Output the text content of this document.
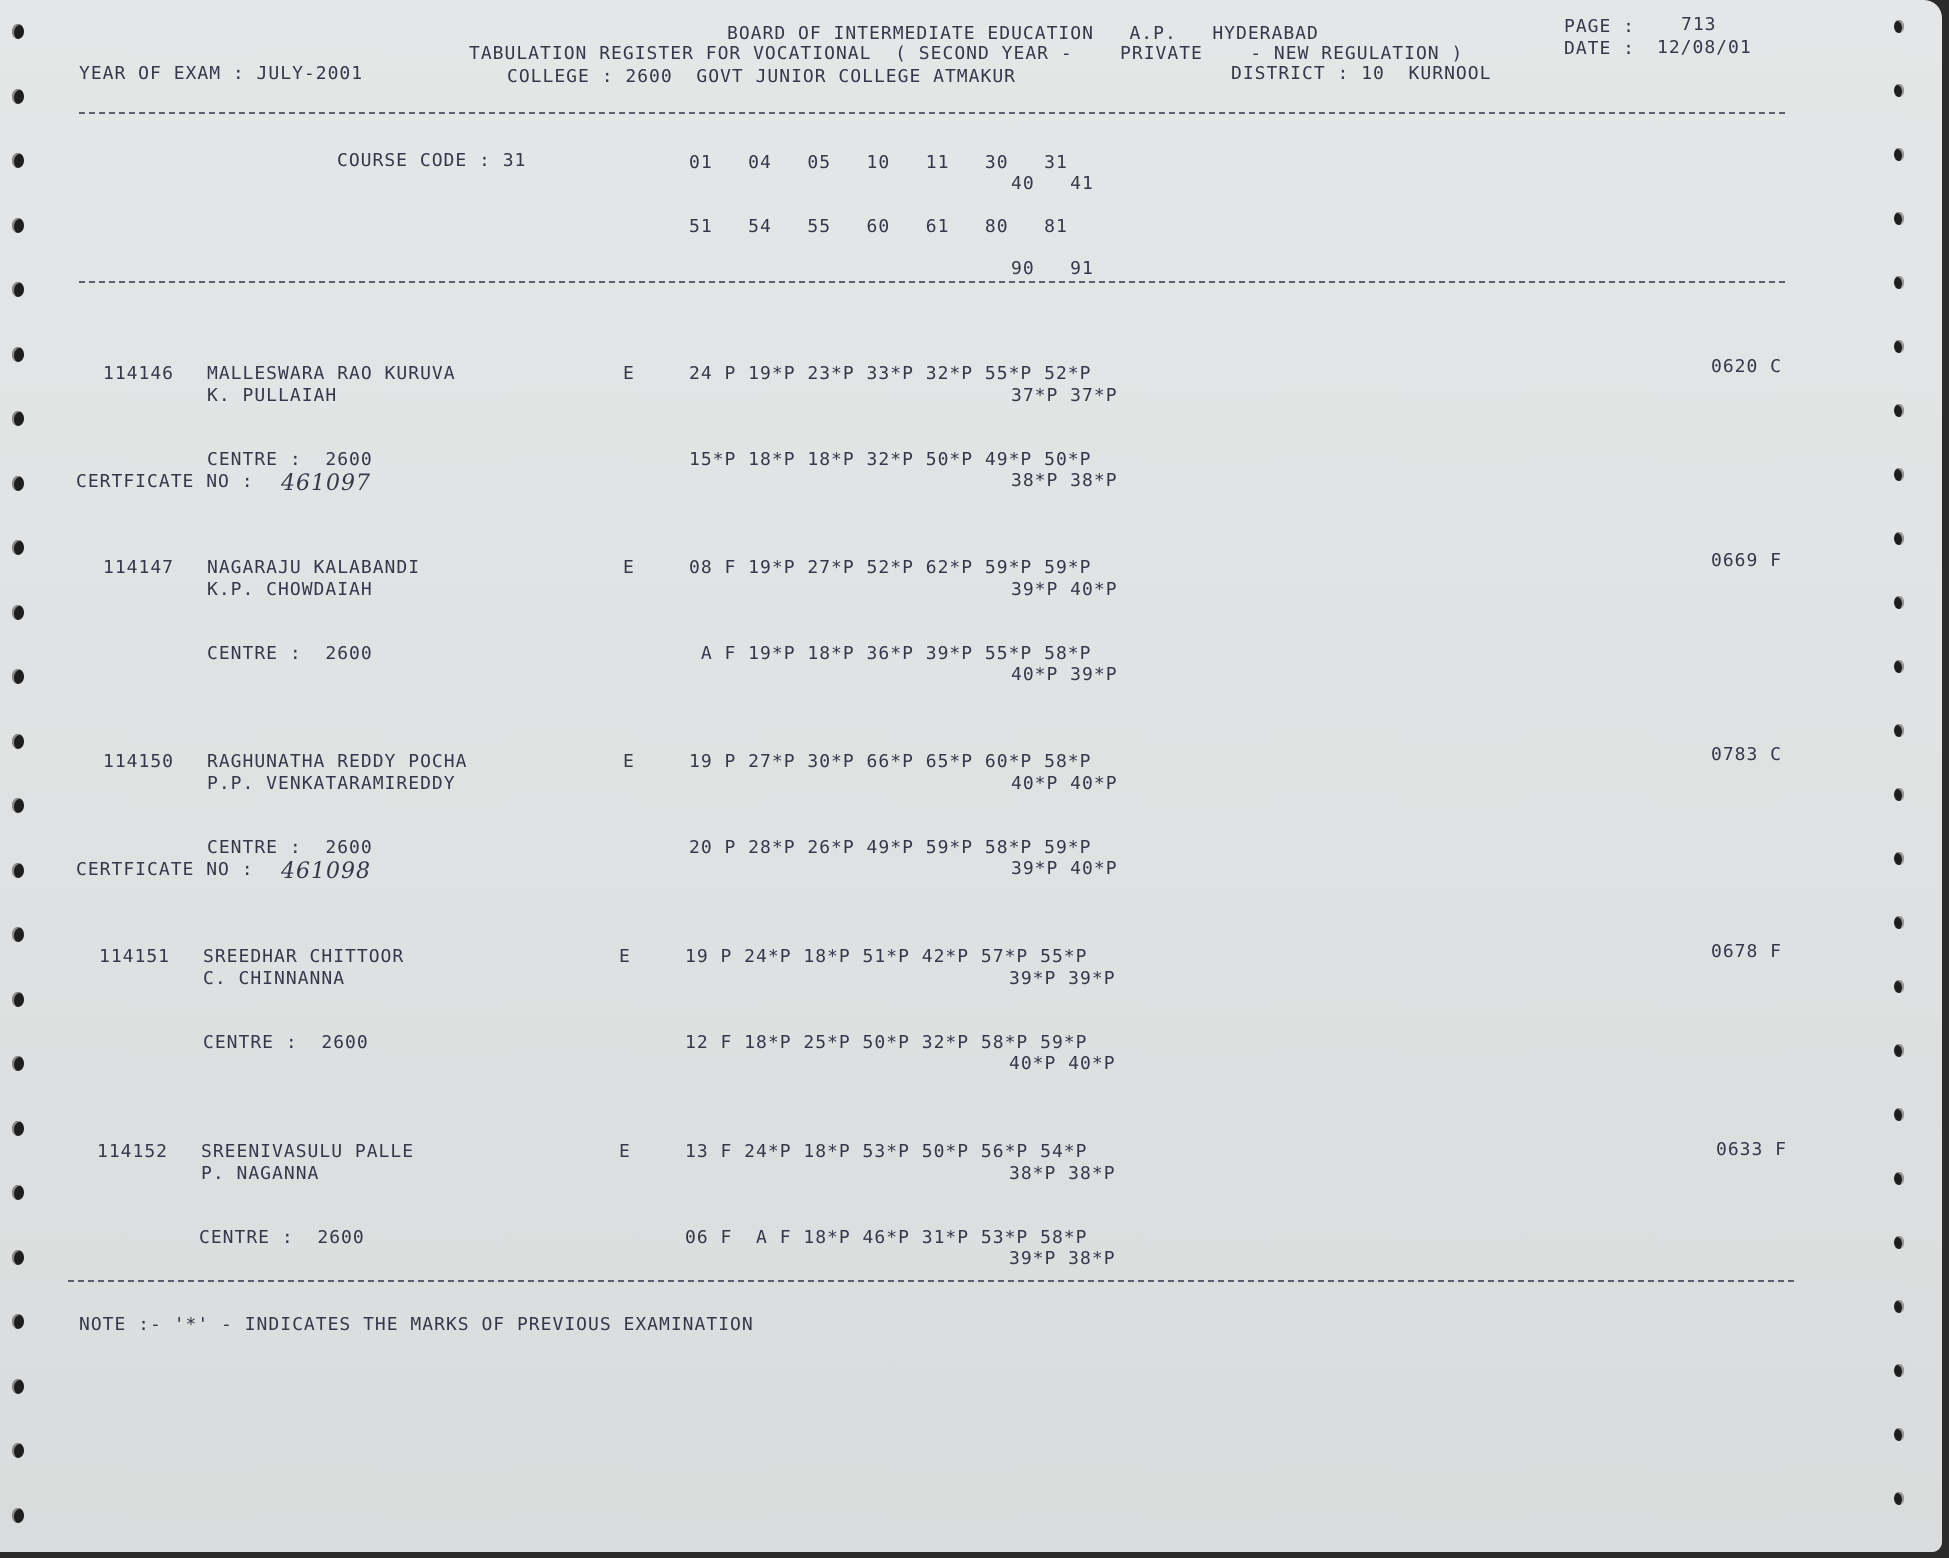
BOARD OF INTERMEDIATE EDUCATION   A.P.   HYDERABAD	PAGE :	713
TABULATION REGISTER FOR VOCATIONAL  ( SECOND YEAR -    PRIVATE    - NEW REGULATION )	DATE : 12/08/01
YEAR OF EXAM : JULY-2001	COLLEGE : 2600  GOVT JUNIOR COLLEGE ATMAKUR	DISTRICT : 10  KURNOOL
COURSE CODE : 31	01   04   05   10   11   30   31
40   41
51   54   55   60   61   80   81
90   91
114146 MALLESWARA RAO KURUVA	E	24 P 19*P 23*P 33*P 32*P 55*P 52*P	0620 C
K. PULLAIAH	37*P 37*P
CENTRE :  2600	15*P 18*P 18*P 32*P 50*P 49*P 50*P
38*P 38*P
CERTFICATE NO : 461097
114147 NAGARAJU KALABANDI	E	08 F 19*P 27*P 52*P 62*P 59*P 59*P	0669 F
K.P. CHOWDAIAH	39*P 40*P
CENTRE :  2600	A F 19*P 18*P 36*P 39*P 55*P 58*P
40*P 39*P
114150 RAGHUNATHA REDDY POCHA	E	19 P 27*P 30*P 66*P 65*P 60*P 58*P	0783 C
P.P. VENKATARAMIREDDY	40*P 40*P
CENTRE :  2600	20 P 28*P 26*P 49*P 59*P 58*P 59*P
39*P 40*P
CERTFICATE NO : 461098
114151 SREEDHAR CHITTOOR	E	19 P 24*P 18*P 51*P 42*P 57*P 55*P	0678 F
C. CHINNANNA	39*P 39*P
CENTRE :  2600	12 F 18*P 25*P 50*P 32*P 58*P 59*P
40*P 40*P
114152 SREENIVASULU PALLE	E	13 F 24*P 18*P 53*P 50*P 56*P 54*P	0633 F
P. NAGANNA	38*P 38*P
CENTRE :  2600	06 F  A F 18*P 46*P 31*P 53*P 58*P
39*P 38*P
NOTE :- '*' - INDICATES THE MARKS OF PREVIOUS EXAMINATION
